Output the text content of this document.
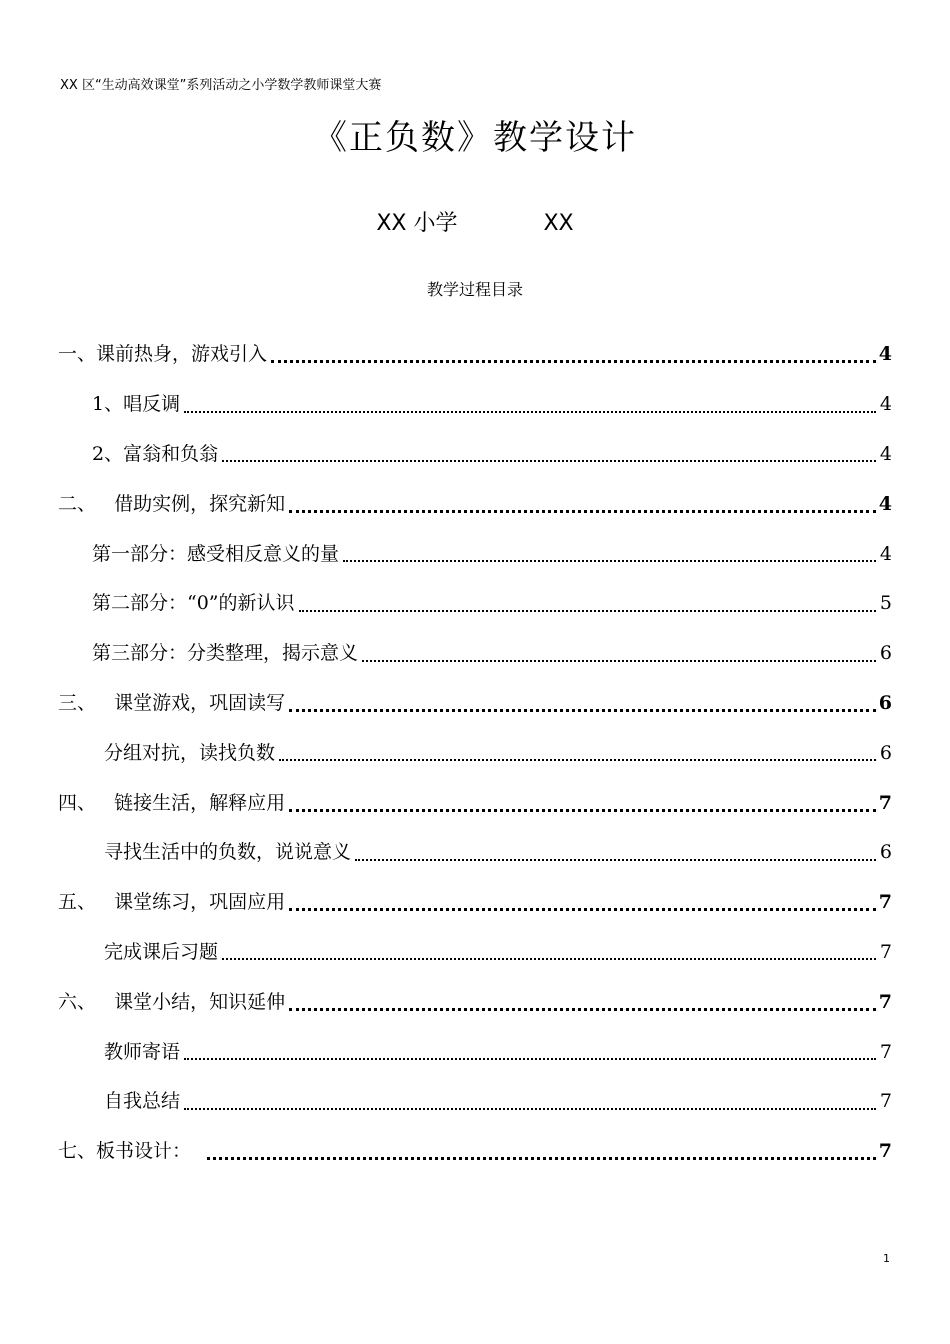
XX 区“生动高效课堂”系列活动之小学数学教师课堂大赛
《正负数》教学设计
XX 小学	XX
教学过程目录
一、课前热身，游戏引入	4
1、唱反调	4
2、富翁和负翁	4
二、   借助实例，探究新知	4
第一部分：感受相反意义的量	4
第二部分：“0”的新认识	5
第三部分：分类整理，揭示意义	6
三、   课堂游戏，巩固读写	6
分组对抗，读找负数	6
四、   链接生活，解释应用	7
寻找生活中的负数，说说意义	6
五、   课堂练习，巩固应用	7
完成课后习题	7
六、   课堂小结，知识延伸	7
教师寄语	7
自我总结	7
七、板书设计：	7
1
